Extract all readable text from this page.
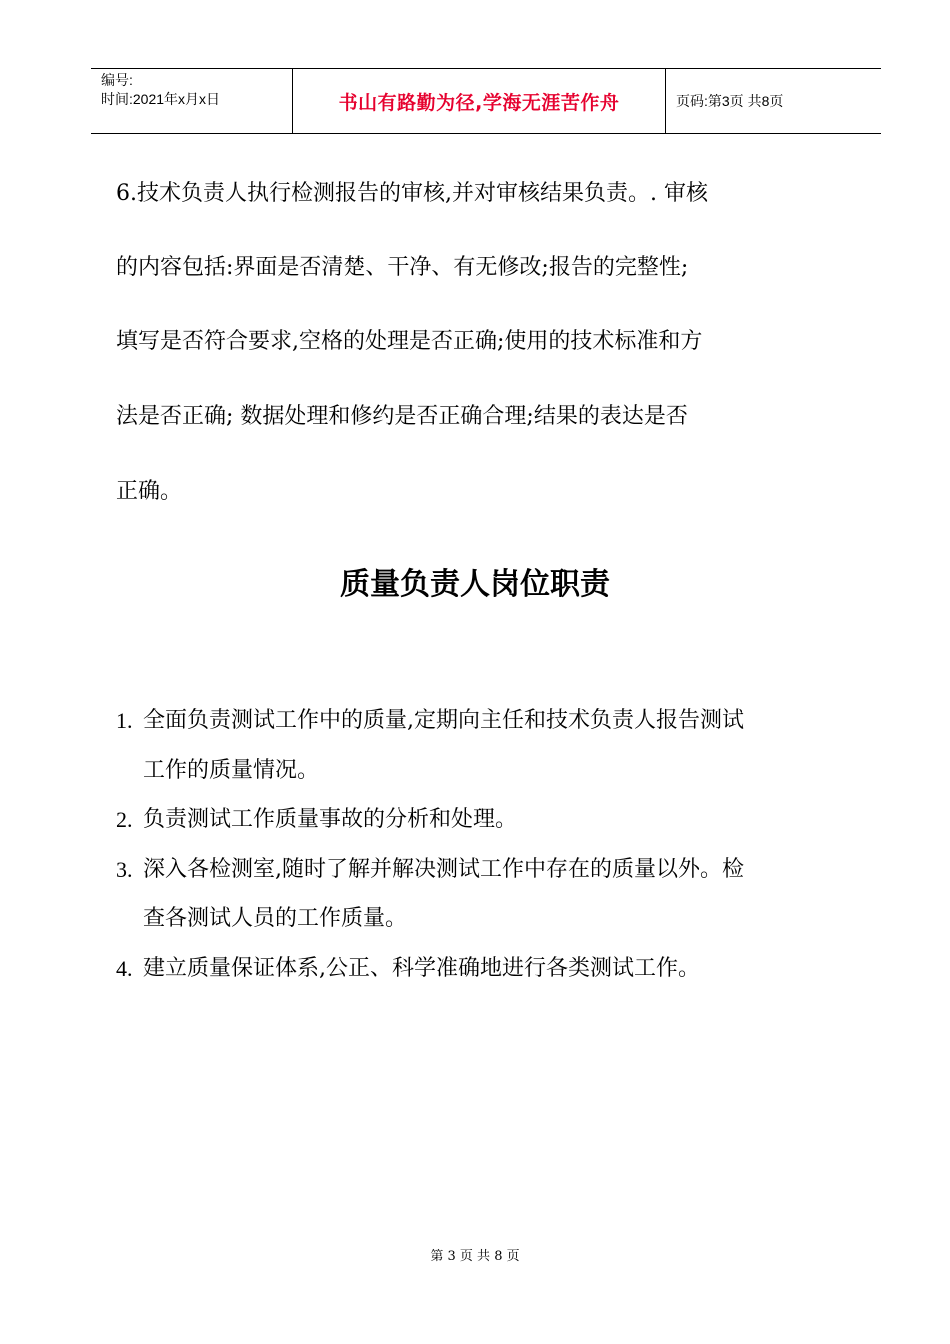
编号:
时间:2021年x月x日	书山有路勤为径,学海无涯苦作舟	页码:第3页 共8页
6.技术负责人执行检测报告的审核,并对审核结果负责。. 审核
的内容包括:界面是否清楚、干净、有无修改;报告的完整性;
填写是否符合要求,空格的处理是否正确;使用的技术标准和方
法是否正确; 数据处理和修约是否正确合理;结果的表达是否
正确。
质量负责人岗位职责
1. 全面负责测试工作中的质量,定期向主任和技术负责人报告测试
工作的质量情况。
2. 负责测试工作质量事故的分析和处理。
3. 深入各检测室,随时了解并解决测试工作中存在的质量以外。检
查各测试人员的工作质量。
4. 建立质量保证体系,公正、科学准确地进行各类测试工作。
第 3 页 共 8 页
